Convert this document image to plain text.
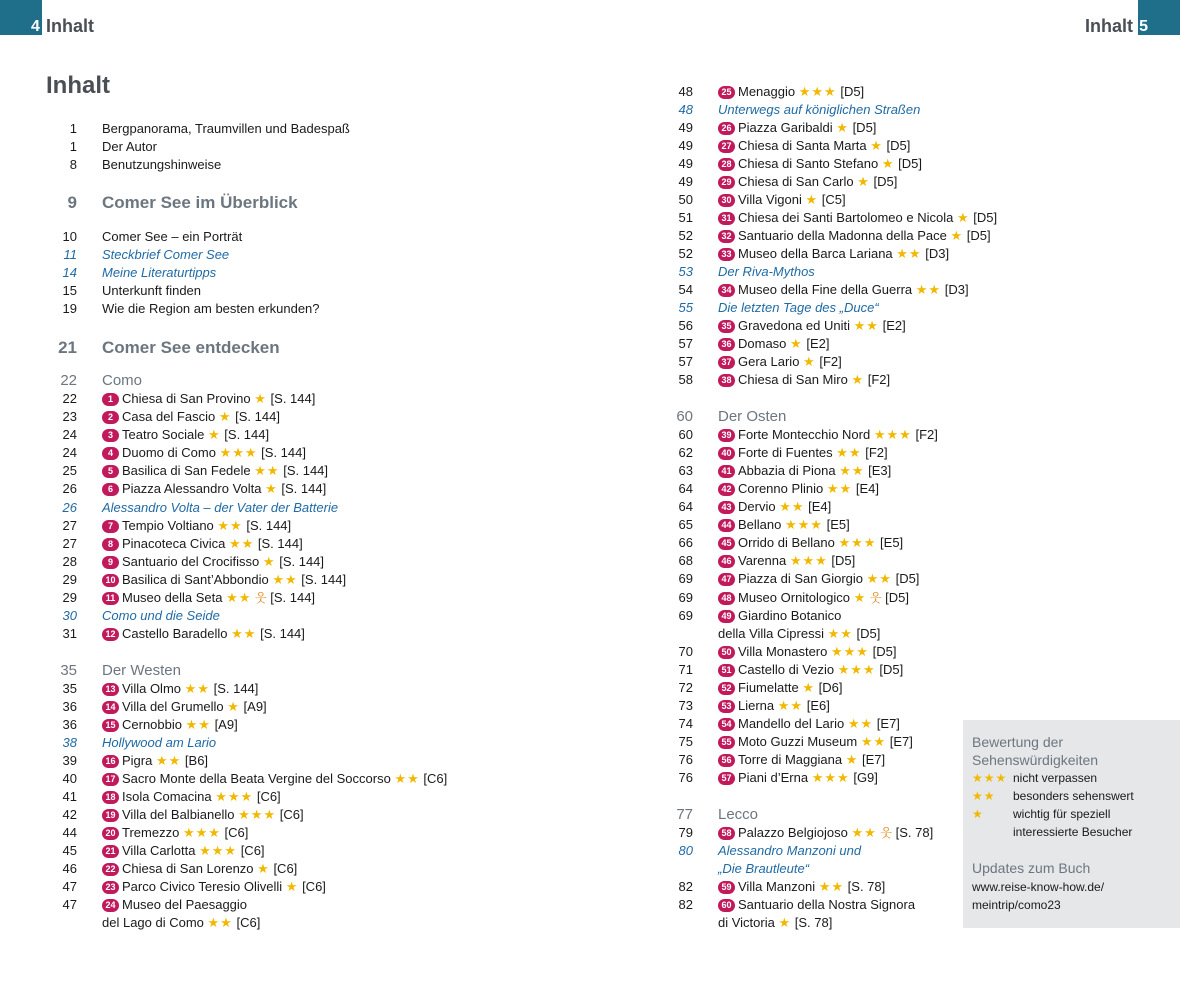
4 Inhalt	5
Inhalt
Inhalt
1 Bergpanorama, Traumvillen und Badespaß
1 Der Autor
8 Benutzungshinweise
9 Comer See im Überblick
10 Comer See – ein Porträt
11 Steckbrief Comer See
14 Meine Literaturtipps
15 Unterkunft finden
19 Wie die Region am besten erkunden?
21 Comer See entdecken
22 Como
22	1 Chiesa di San Provino ★ [S. 144]
23	2 Casa del Fascio ★ [S. 144]
24	3 Teatro Sociale ★ [S. 144]
24	4 Duomo di Como ★★★ [S. 144]
25	5 Basilica di San Fedele ★★ [S. 144]
26	6 Piazza Alessandro Volta ★ [S. 144]
26 Alessandro Volta – der Vater der Batterie
27	7 Tempio Voltiano ★★ [S. 144]
27	8 Pinacoteca Civica ★★ [S. 144]
28	9 Santuario del Crocifisso ★ [S. 144]
29	10 Basilica di Sant’Abbondio ★★ [S. 144]
29	11 Museo della Seta ★★ 웃 [S. 144]
30 Como und die Seide
31	12 Castello Baradello ★★ [S. 144]
35 Der Westen
35	13 Villa Olmo ★★ [S. 144]
36	14 Villa del Grumello ★ [A9]
36	15 Cernobbio ★★ [A9]
38 Hollywood am Lario
39	16 Pigra ★★ [B6]
40	17 Sacro Monte della Beata Vergine del Soccorso ★★ [C6]
41	18 Isola Comacina ★★★ [C6]
42	19 Villa del Balbianello ★★★ [C6]
44	20 Tremezzo ★★★ [C6]
45	21 Villa Carlotta ★★★ [C6]
46	22 Chiesa di San Lorenzo ★ [C6]
47	23 Parco Civico Teresio Olivelli ★ [C6]
47	24 Museo del Paesaggio
del Lago di Como ★★ [C6]
48	25 Menaggio ★★★ [D5]
48 Unterwegs auf königlichen Straßen
49	26 Piazza Garibaldi ★ [D5]
49	27 Chiesa di Santa Marta ★ [D5]
49	28 Chiesa di Santo Stefano ★ [D5]
49	29 Chiesa di San Carlo ★ [D5]
50	30 Villa Vigoni ★ [C5]
51	31 Chiesa dei Santi Bartolomeo e Nicola ★ [D5]
52	32 Santuario della Madonna della Pace ★ [D5]
52	33 Museo della Barca Lariana ★★ [D3]
53 Der Riva-Mythos
54	34 Museo della Fine della Guerra ★★ [D3]
55 Die letzten Tage des „Duce“
56	35 Gravedona ed Uniti ★★ [E2]
57	36 Domaso ★ [E2]
57	37 Gera Lario ★ [F2]
58	38 Chiesa di San Miro ★ [F2]
60 Der Osten
60	39 Forte Montecchio Nord ★★★ [F2]
62	40 Forte di Fuentes ★★ [F2]
63	41 Abbazia di Piona ★★ [E3]
64	42 Corenno Plinio ★★ [E4]
64	43 Dervio ★★ [E4]
65	44 Bellano ★★★ [E5]
66	45 Orrido di Bellano ★★★ [E5]
68	46 Varenna ★★★ [D5]
69	47 Piazza di San Giorgio ★★ [D5]
69	48 Museo Ornitologico ★ 웃 [D5]
69	49 Giardino Botanico
della Villa Cipressi ★★ [D5]
70	50 Villa Monastero ★★★ [D5]
71	51 Castello di Vezio ★★★ [D5]
72	52 Fiumelatte ★ [D6]
73	53 Lierna ★★ [E6]
74	54 Mandello del Lario ★★ [E7]
75	55 Moto Guzzi Museum ★★ [E7]
76	56 Torre di Maggiana ★ [E7]
76	57 Piani d’Erna ★★★ [G9]
77 Lecco
79	58 Palazzo Belgiojoso ★★ 웃 [S. 78]
80 Alessandro Manzoni und
„Die Brautleute“
82	59 Villa Manzoni ★★ [S. 78]
82	60 Santuario della Nostra Signora
di Victoria ★ [S. 78]
Bewertung der
Sehenswürdigkeiten
★★★ nicht verpassen
★★ besonders sehenswert
★ wichtig für speziell
interessierte Besucher
Updates zum Buch
www.reise-know-how.de/
meintrip/como23
